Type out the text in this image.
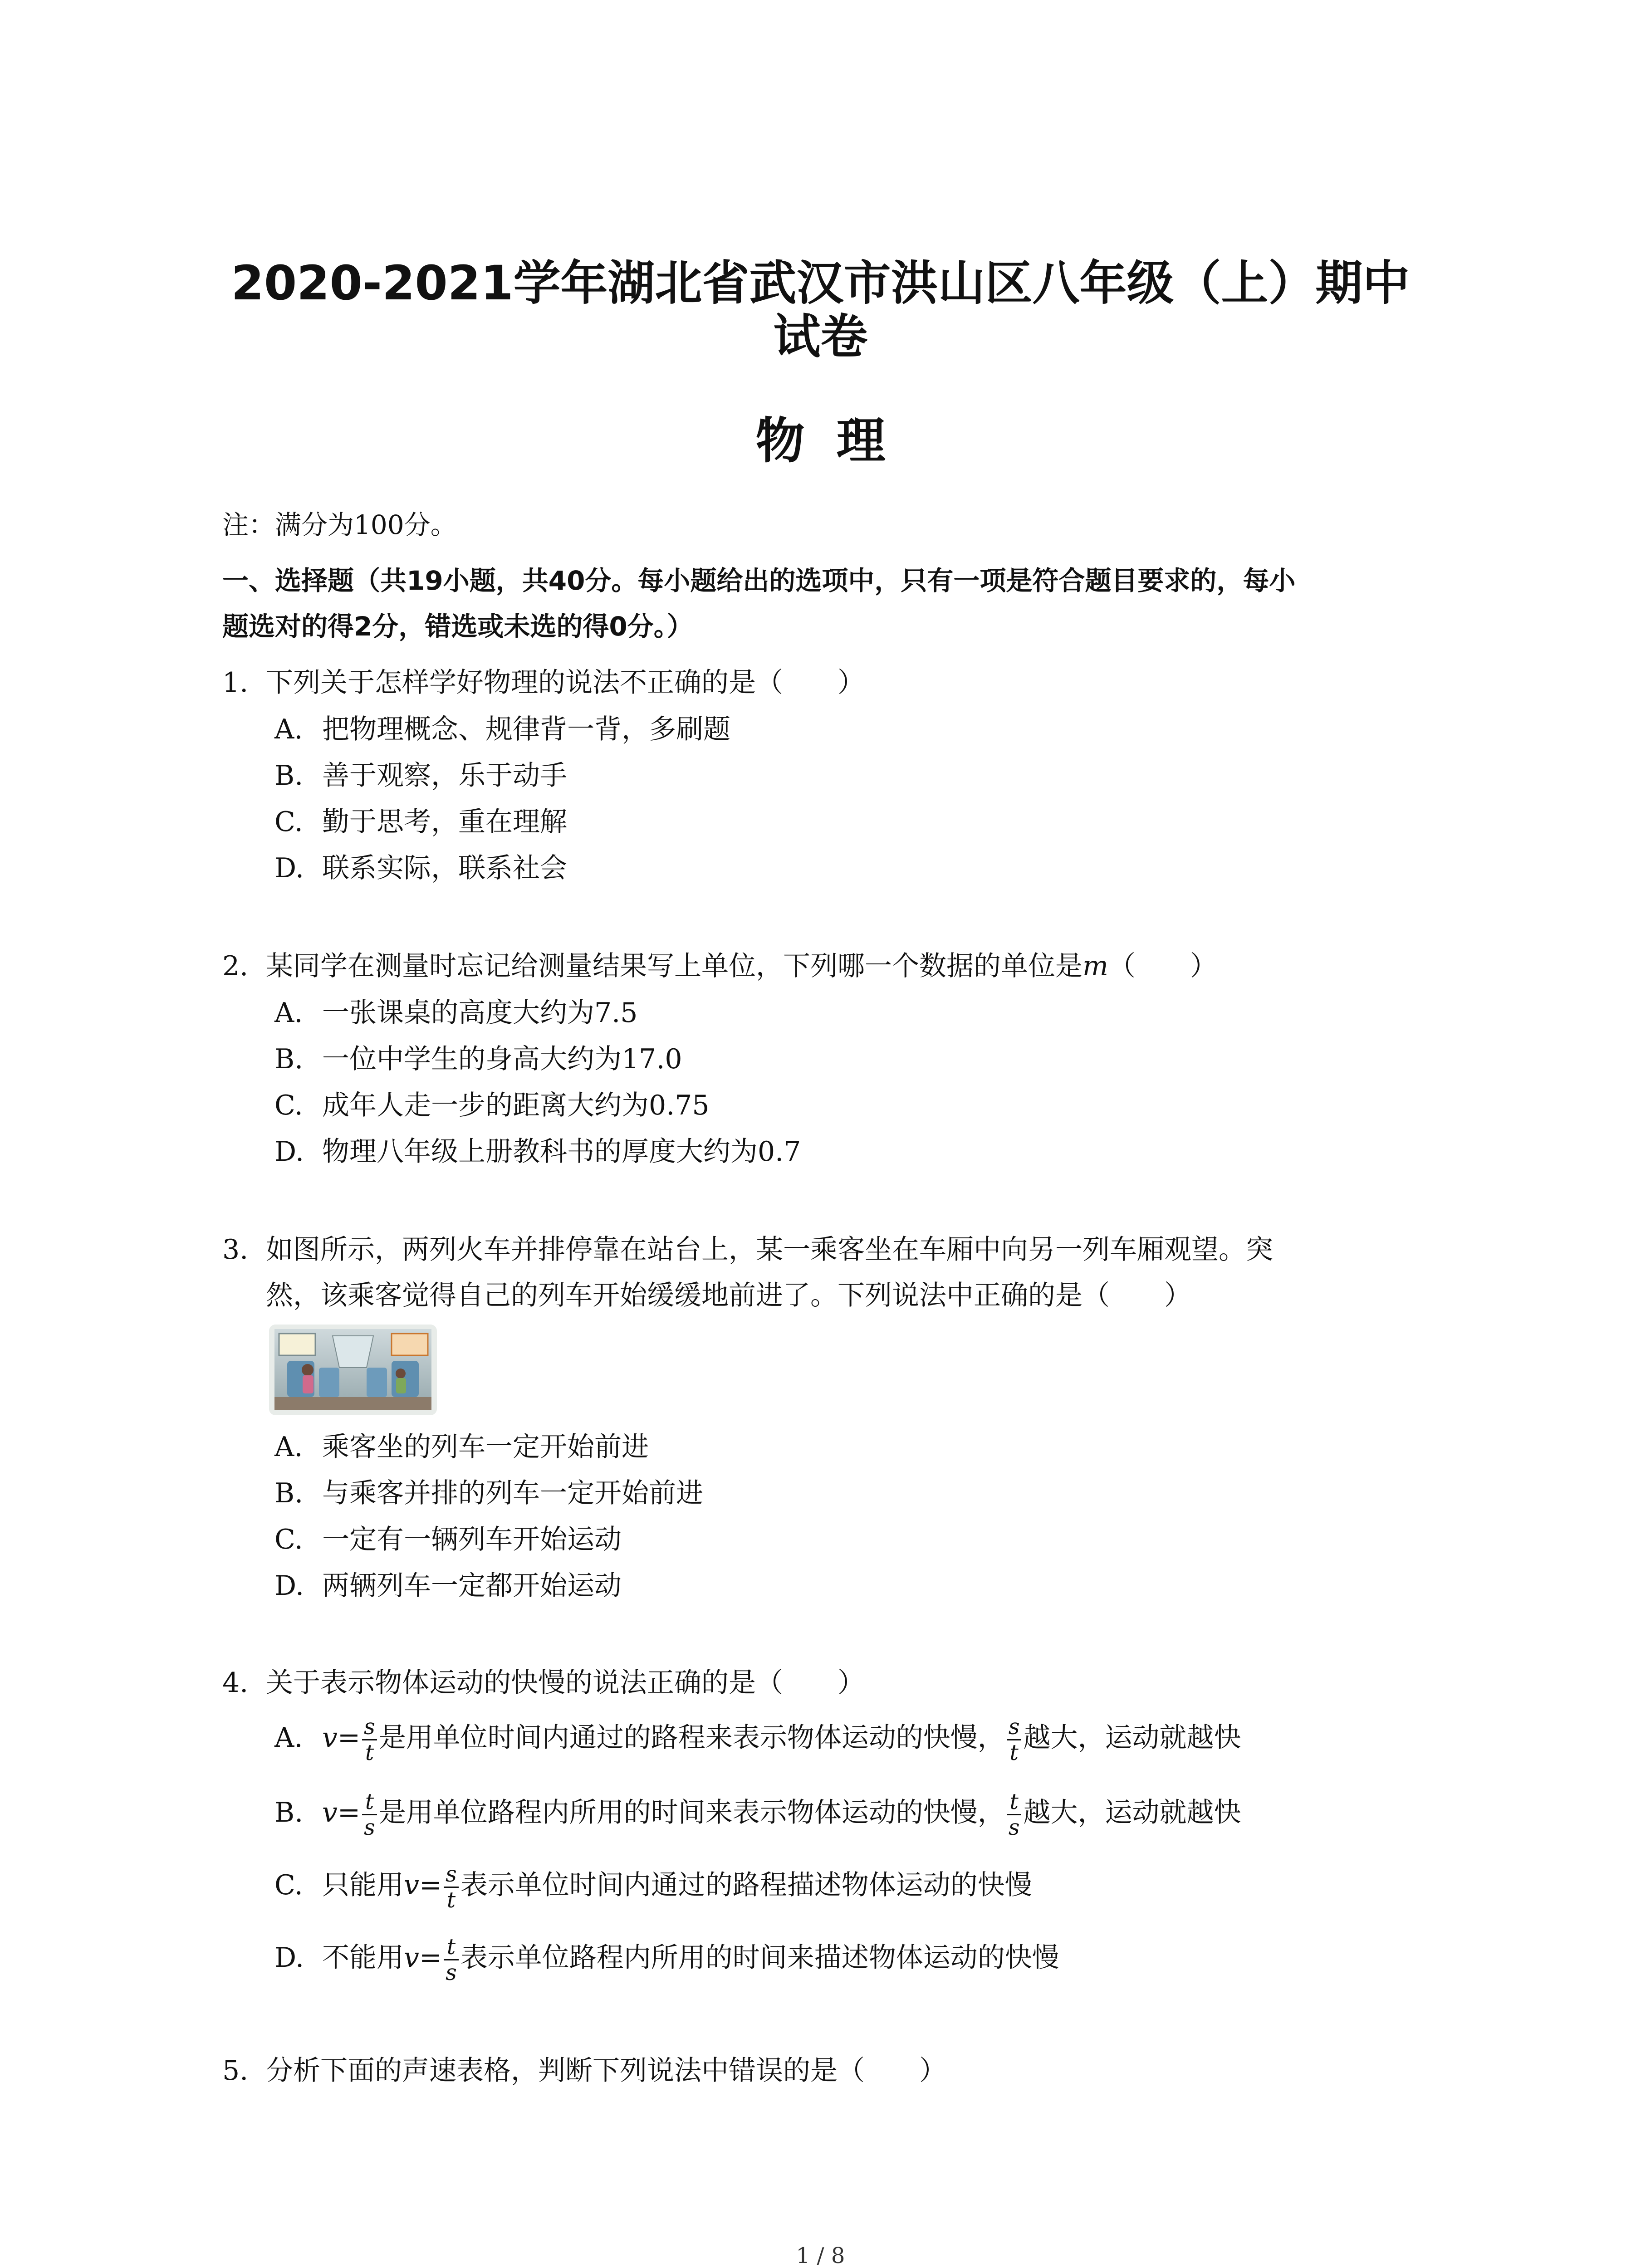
2020-2021学年湖北省武汉市洪山区八年级（上）期中
试卷
物理
注：满分为100分。
一、选择题（共19小题，共40分。每小题给出的选项中，只有一项是符合题目要求的，每小
题选对的得2分，错选或未选的得0分。）
1. 下列关于怎样学好物理的说法不正确的是（　　）
A. 把物理概念、规律背一背，多刷题
B. 善于观察，乐于动手
C. 勤于思考，重在理解
D. 联系实际，联系社会
2. 某同学在测量时忘记给测量结果写上单位，下列哪一个数据的单位是m（　　）
A. 一张课桌的高度大约为7.5
B. 一位中学生的身高大约为17.0
C. 成年人走一步的距离大约为0.75
D. 物理八年级上册教科书的厚度大约为0.7
3. 如图所示，两列火车并排停靠在站台上，某一乘客坐在车厢中向另一列车厢观望。突
然，该乘客觉得自己的列车开始缓缓地前进了。下列说法中正确的是（　　）
A. 乘客坐的列车一定开始前进
B. 与乘客并排的列车一定开始前进
C. 一定有一辆列车开始运动
D. 两辆列车一定都开始运动
4. 关于表示物体运动的快慢的说法正确的是（　　）
A. $v= \frac{s}{t}$ 是用单位时间内通过的路程来表示物体运动的快慢， $\frac{s}{t}$ 越大，运动就越快
B. $v= \frac{t}{s}$ 是用单位路程内所用的时间来表示物体运动的快慢， $\frac{t}{s}$ 越大，运动就越快
C. 只能用$v= \frac{s}{t}$ 表示单位时间内通过的路程描述物体运动的快慢
D. 不能用$v= \frac{t}{s}$ 表示单位路程内所用的时间来描述物体运动的快慢
5. 分析下面的声速表格，判断下列说法中错误的是（　　）
1 / 8
